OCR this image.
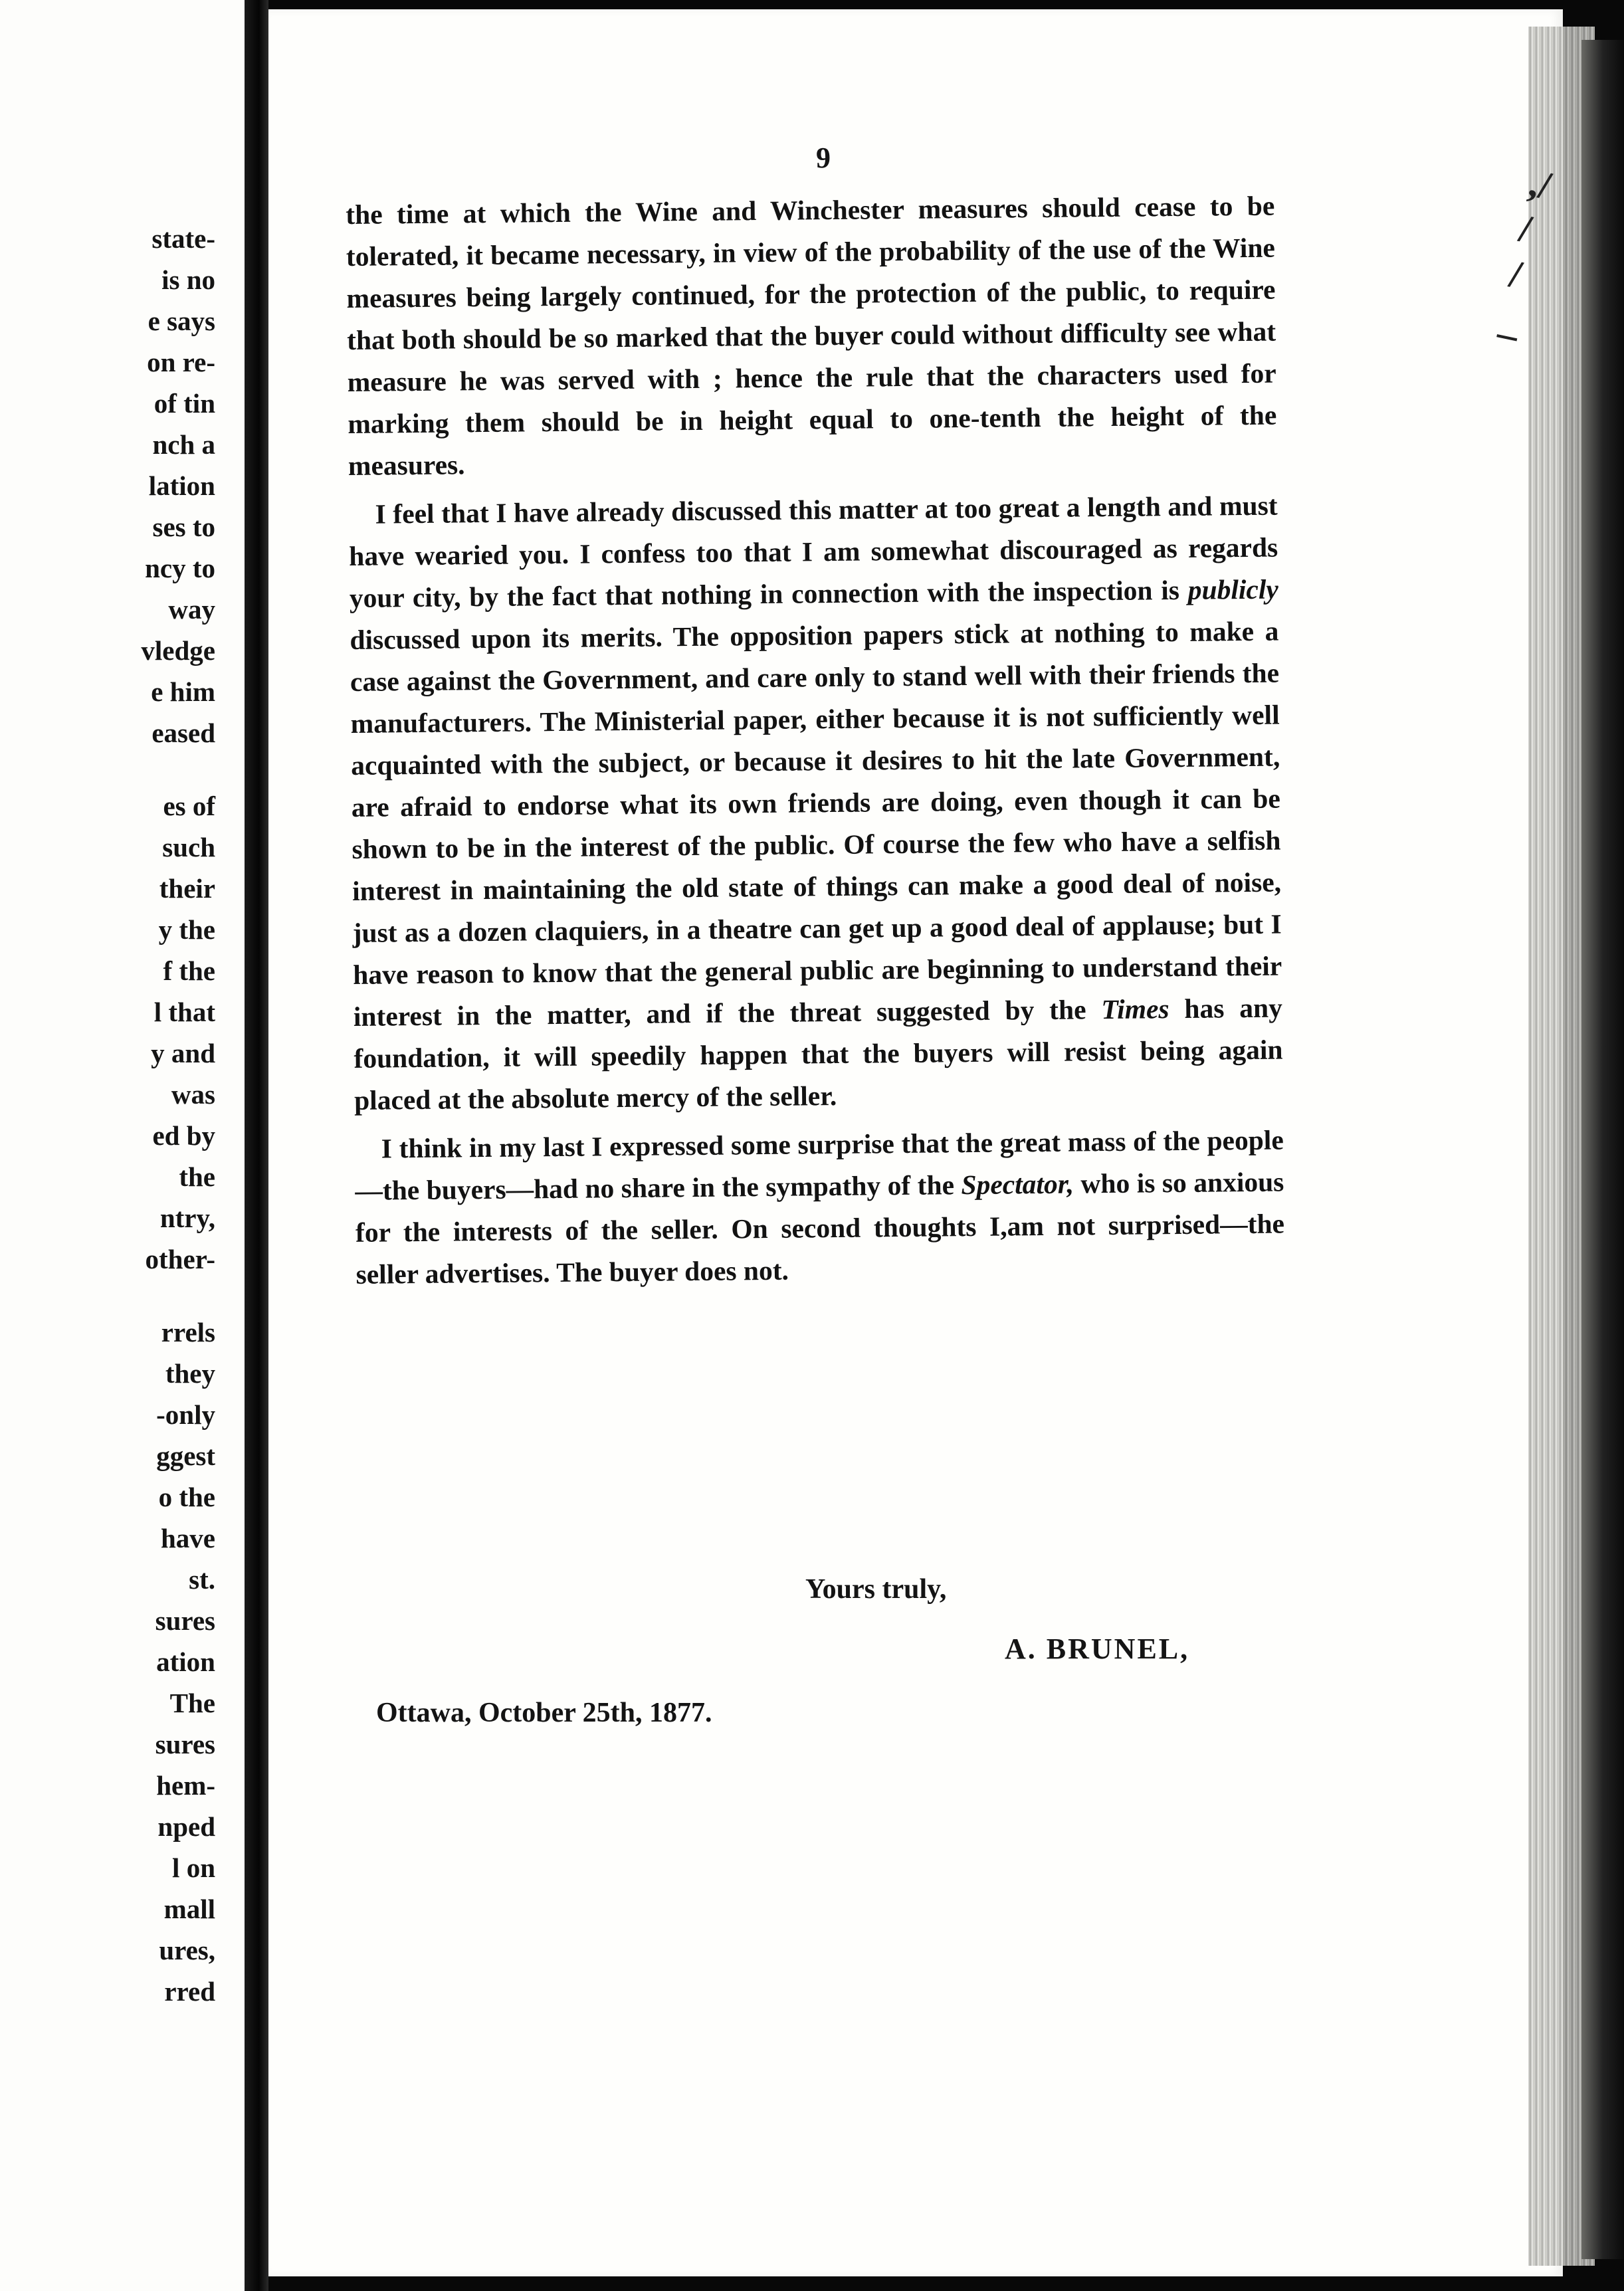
state-
is no
e says
on re-
of tin
nch a
lation
ses to
ncy to
way
vledge
e him
eased
es of
such
their
y the
f the
l that
y and
was
ed by
the
ntry,
other-
rrels
they
-only
ggest
o the
have
st.
sures
ation
The
sures
hem-
nped
l on
mall
ures,
rred
,/
/
/
_
9

the time at which the Wine and Winchester measures should cease to be tolerated, it became necessary, in view of the probability of the use of the Wine measures being largely continued, for the protection of the public, to require that both should be so marked that the buyer could without difficulty see what measure he was served with ; hence the rule that the characters used for marking them should be in height equal to one-tenth the height of the measures.

I feel that I have already discussed this matter at too great a length and must have wearied you. I confess too that I am somewhat discouraged as regards your city, by the fact that nothing in connection with the inspection is publicly discussed upon its merits. The opposition papers stick at nothing to make a case against the Government, and care only to stand well with their friends the manufacturers. The Ministerial paper, either because it is not sufficiently well acquainted with the subject, or because it desires to hit the late Government, are afraid to endorse what its own friends are doing, even though it can be shown to be in the interest of the public. Of course the few who have a selfish interest in maintaining the old state of things can make a good deal of noise, just as a dozen claquiers, in a theatre can get up a good deal of applause; but I have reason to know that the general public are beginning to understand their interest in the matter, and if the threat suggested by the Times has any foundation, it will speedily happen that the buyers will resist being again placed at the absolute mercy of the seller.

I think in my last I expressed some surprise that the great mass of the people—the buyers—had no share in the sympathy of the Spectator, who is so anxious for the interests of the seller. On second thoughts I,am not surprised—the seller advertises. The buyer does not.

Yours truly,
A. BRUNEL,
Ottawa, October 25th, 1877.
